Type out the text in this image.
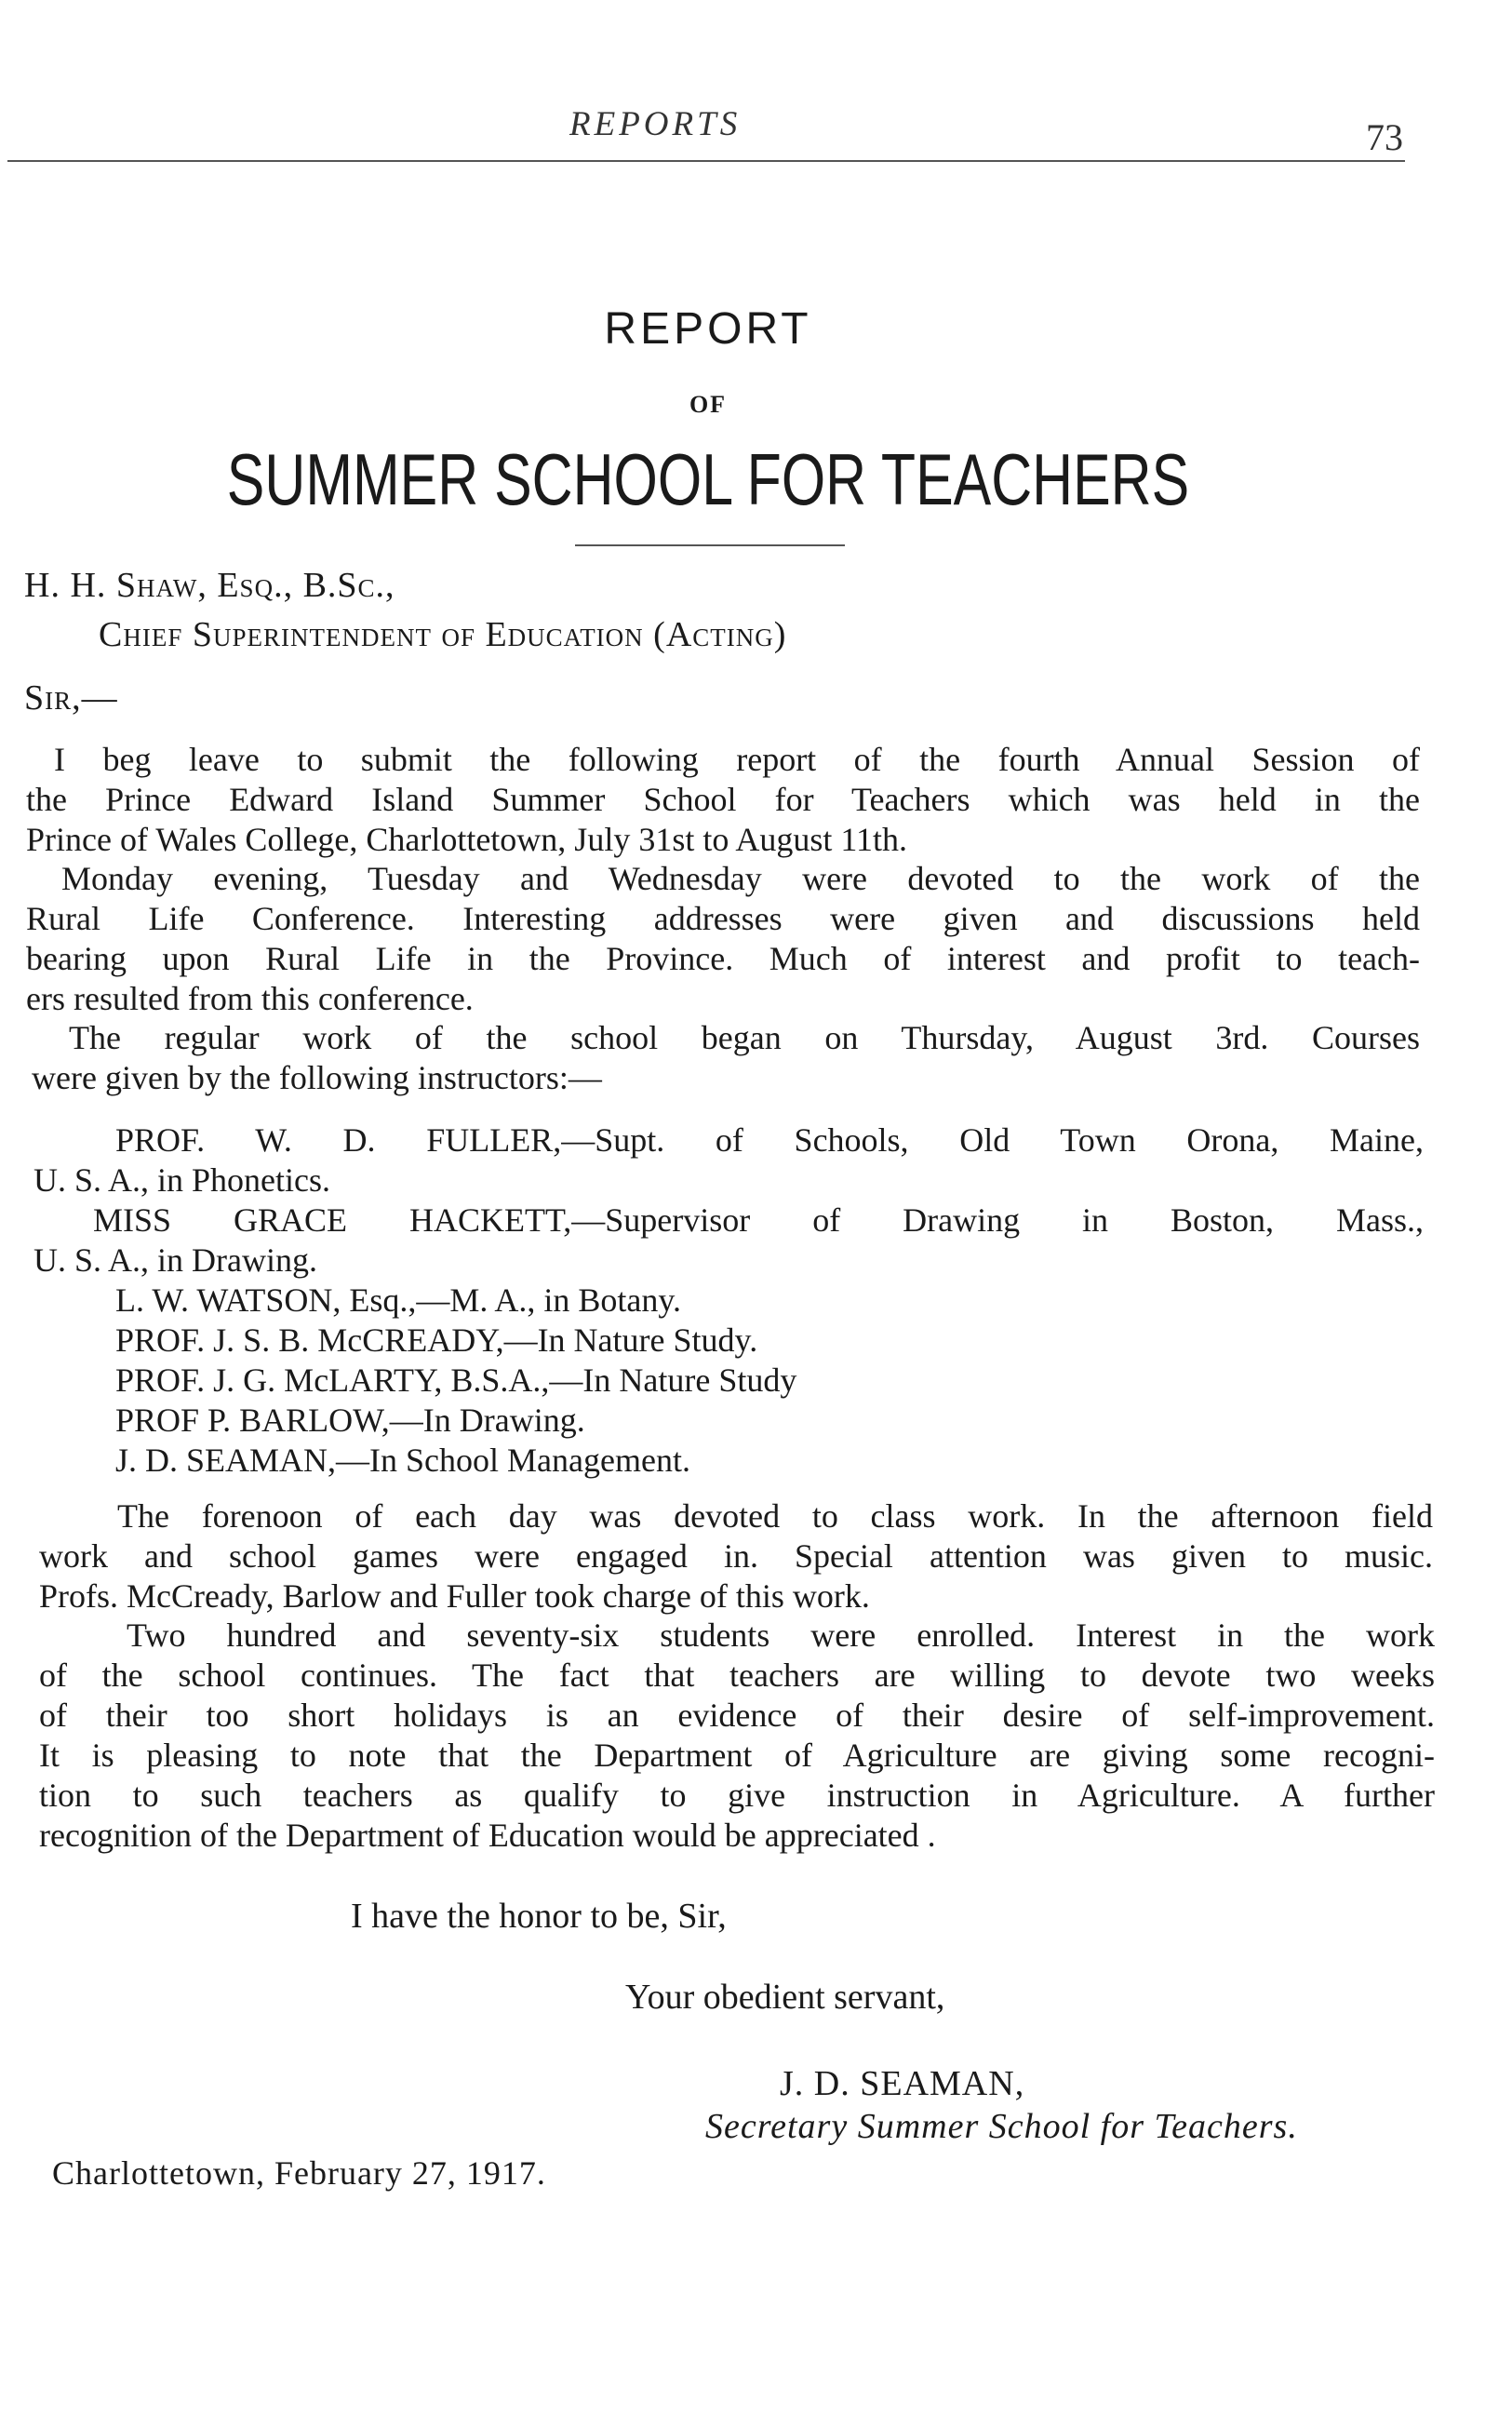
REPORTS	73
REPORT
OF
SUMMER SCHOOL FOR TEACHERS
H. H. Shaw, Esq., B.Sc.,
Chief Superintendent of Education (Acting)
Sir,—
I beg leave to submit the following report of the fourth Annual Session of
the Prince Edward Island Summer School for Teachers which was held in the
Prince of Wales College, Charlottetown, July 31st to August 11th.
Monday evening, Tuesday and Wednesday were devoted to the work of the
Rural Life Conference. Interesting addresses were given and discussions held
bearing upon Rural Life in the Province. Much of interest and profit to teach-
ers resulted from this conference.
The regular work of the school began on Thursday, August 3rd. Courses
were given by the following instructors:—
PROF. W. D. FULLER,—Supt. of Schools, Old Town Orona, Maine,
U. S. A., in Phonetics.
MISS GRACE HACKETT,—Supervisor of Drawing in Boston, Mass.,
U. S. A., in Drawing.
L. W. WATSON, Esq.,—M. A., in Botany.
PROF. J. S. B. McCREADY,—In Nature Study.
PROF. J. G. McLARTY, B.S.A.,—In Nature Study
PROF P. BARLOW,—In Drawing.
J. D. SEAMAN,—In School Management.
The forenoon of each day was devoted to class work. In the afternoon field
work and school games were engaged in. Special attention was given to music.
Profs. McCready, Barlow and Fuller took charge of this work.
Two hundred and seventy-six students were enrolled. Interest in the work
of the school continues. The fact that teachers are willing to devote two weeks
of their too short holidays is an evidence of their desire of self-improvement.
It is pleasing to note that the Department of Agriculture are giving some recogni-
tion to such teachers as qualify to give instruction in Agriculture. A further
recognition of the Department of Education would be appreciated .
I have the honor to be, Sir,
Your obedient servant,
J. D. SEAMAN,
Secretary Summer School for Teachers.
Charlottetown, February 27, 1917.
